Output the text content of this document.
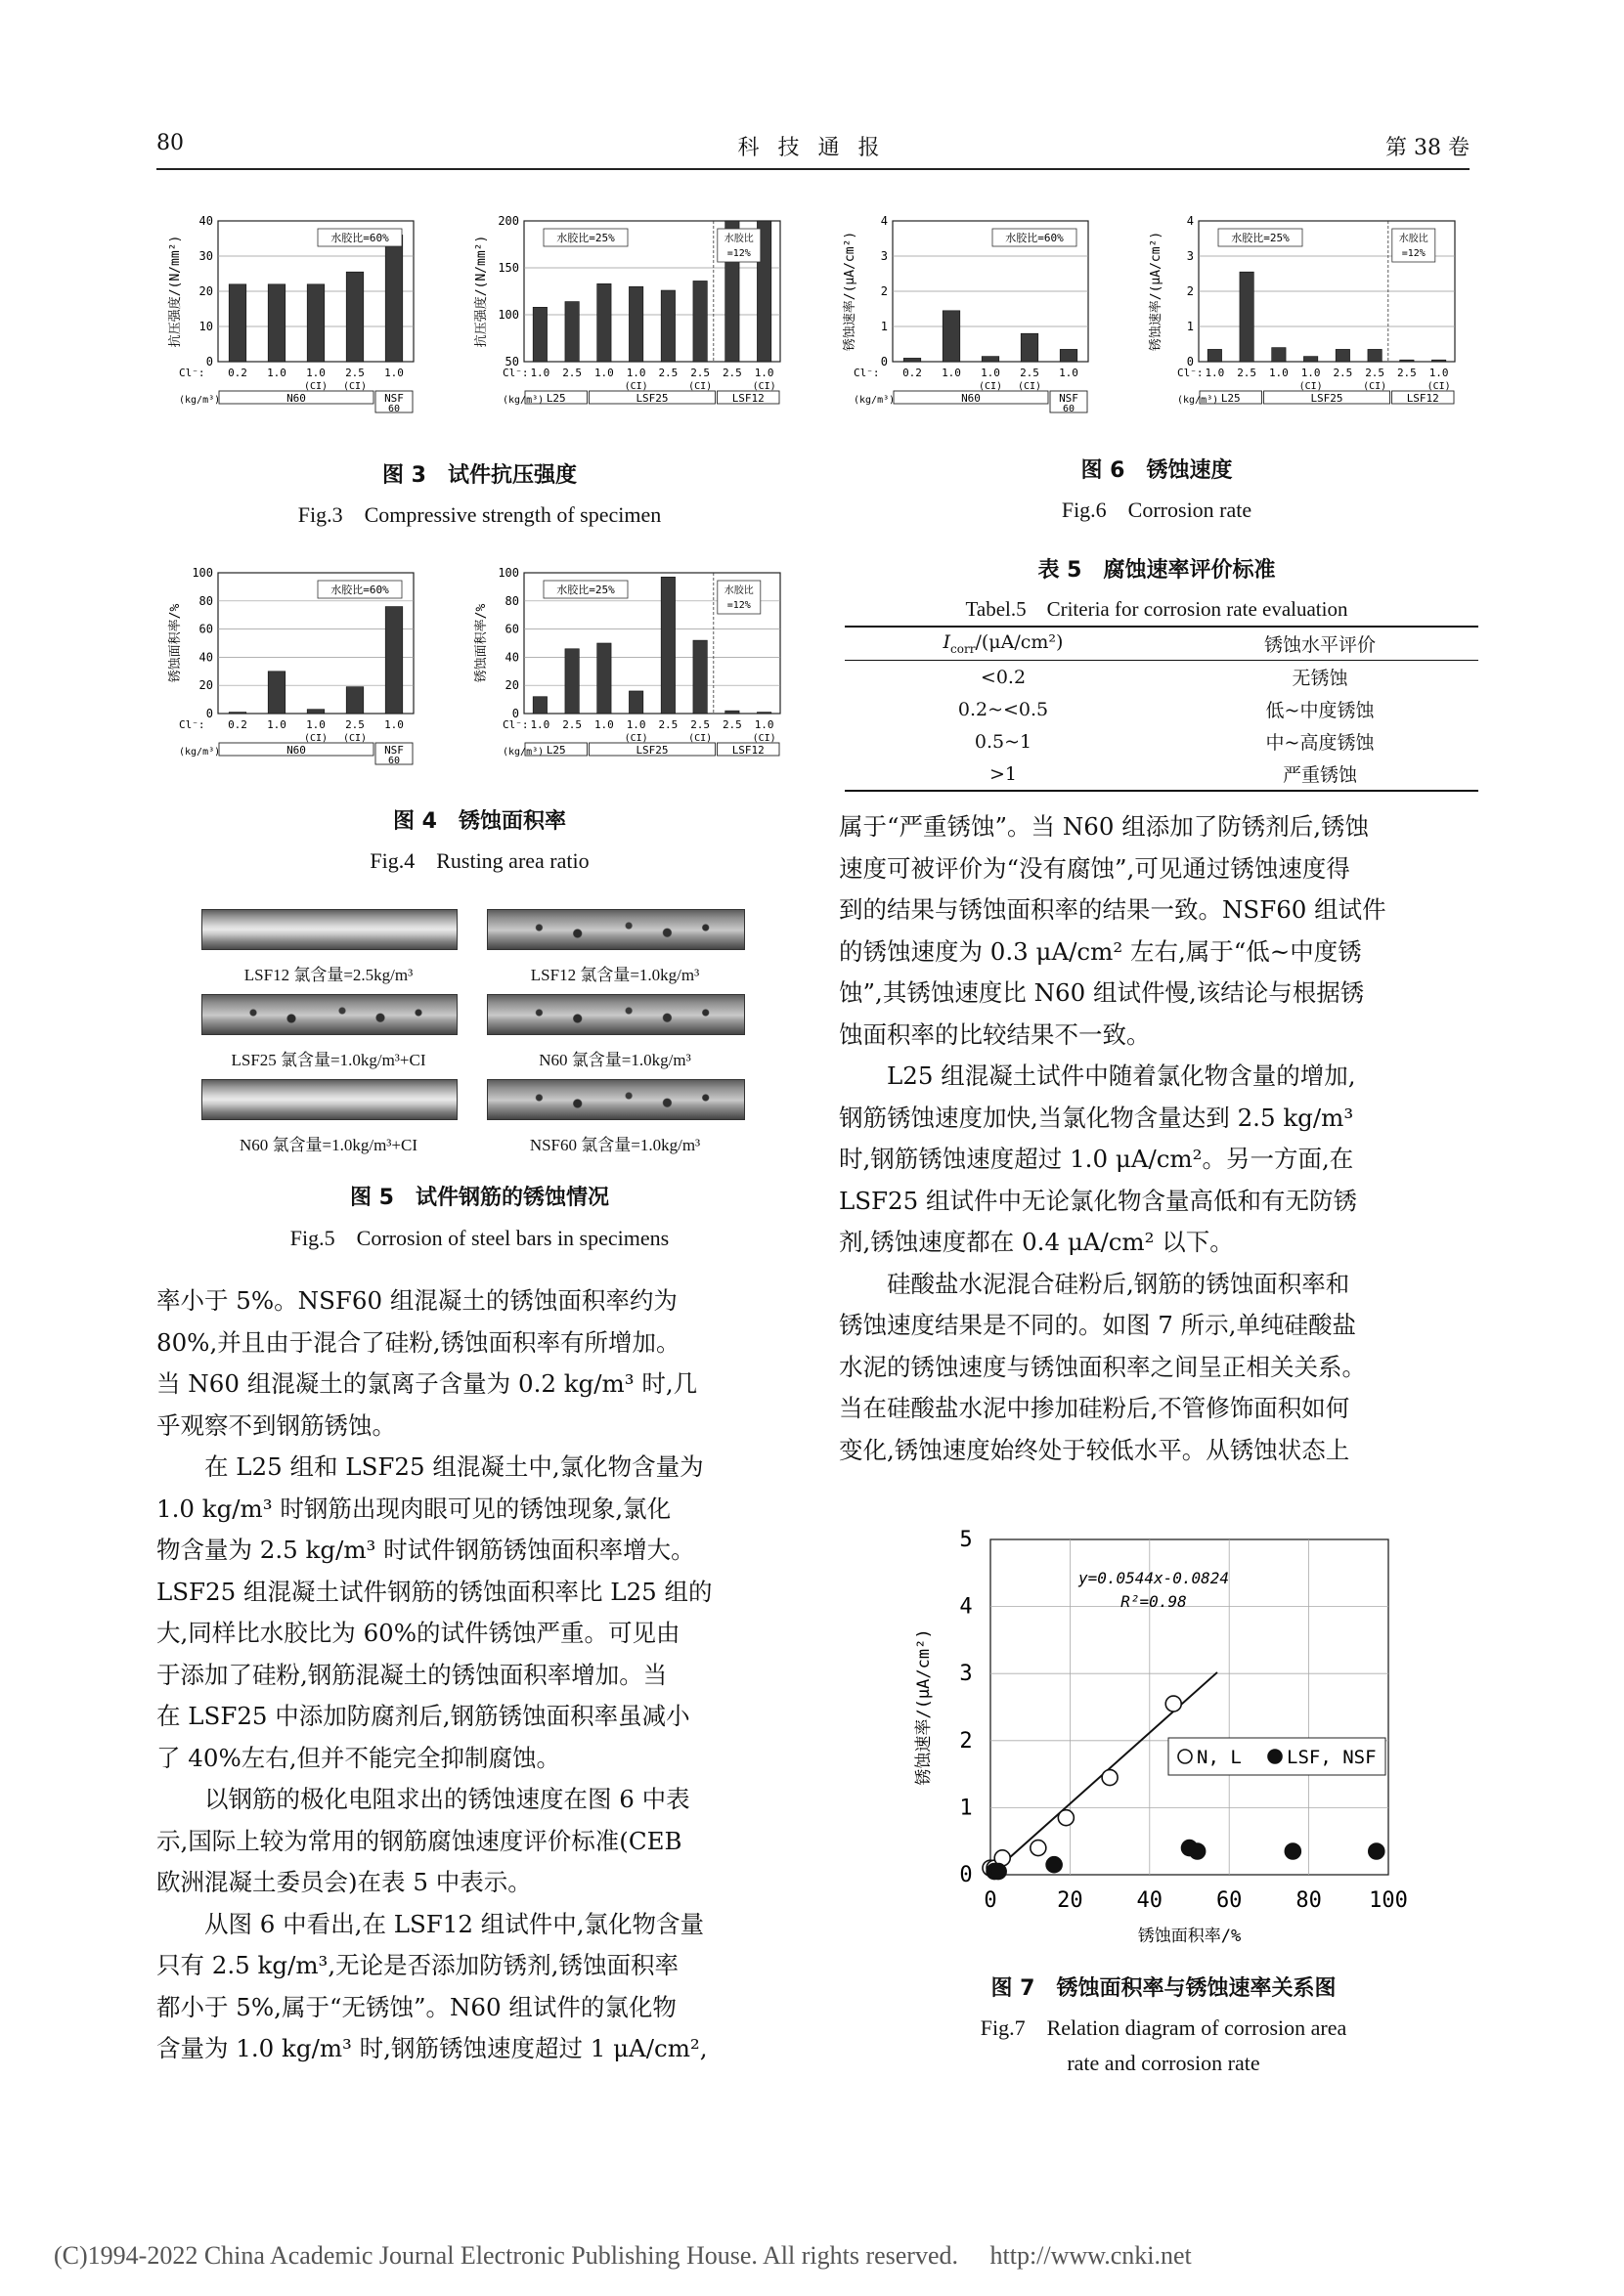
80	科 技 通 报	第 38 卷
抗压强度/(N/mm²)
40
30
20
10
0
水胶比=60%
Cl⁻:
(kg/m³)
0.2 1.0 1.0
(CI)
2.5
(CI)
1.0
N60	NSF
60
抗压强度/(N/mm²)
200
150
100
50
水胶比=25%	水胶比
=12%
Cl⁻:
(kg/m³)
1.0 2.5 1.0 1.0
(CI)
2.5 2.5
(CI)
2.5 1.0
(CI)
L25	LSF25	LSF12
图 3　试件抗压强度
Fig.3　Compressive strength of specimen
锈蚀面积率/%
100
80
60
40
20
0
水胶比=60%
Cl⁻:
(kg/m³)
0.2 1.0 1.0
(CI)
2.5
(CI)
1.0
N60	NSF
60
锈蚀面积率/%
100
80
60
40
20
0
水胶比=25%	水胶比
=12%
Cl⁻:
(kg/m³)
1.0 2.5 1.0 1.0
(CI)
2.5 2.5
(CI)
2.5 1.0
(CI)
L25	LSF25	LSF12
图 4　锈蚀面积率
Fig.4　Rusting area ratio
LSF12 氯含量=2.5kg/m³	LSF12 氯含量=1.0kg/m³
LSF25 氯含量=1.0kg/m³+CI	N60 氯含量=1.0kg/m³
N60 氯含量=1.0kg/m³+CI	NSF60 氯含量=1.0kg/m³
图 5　试件钢筋的锈蚀情况
Fig.5　Corrosion of steel bars in specimens
锈蚀速率/(μA/cm²)
4
3
2
1
0
水胶比=60%
Cl⁻:
(kg/m³)
0.2 1.0 1.0
(CI)
2.5
(CI)
1.0
N60	NSF
60
锈蚀速率/(μA/cm²)
4
3
2
1
0
水胶比=25%	水胶比
=12%
Cl⁻:
(kg/m³)
1.0 2.5 1.0 1.0
(CI)
2.5 2.5
(CI)
2.5 1.0
(CI)
L25	LSF25	LSF12
图 6　锈蚀速度
Fig.6　Corrosion rate
表 5　腐蚀速率评价标准
Tabel.5　Criteria for corrosion rate evaluation
$I_{corr}/(\mu A/cm^2)$	锈蚀水平评价
<0.2	无锈蚀
0.2~<0.5	低~中度锈蚀
0.5~1	中~高度锈蚀
>1	严重锈蚀

率小于 5%。NSF60 组混凝土的锈蚀面积率约为
80%,并且由于混合了硅粉,锈蚀面积率有所增加。
当 N60 组混凝土的氯离子含量为 0.2 kg/m³ 时,几
乎观察不到钢筋锈蚀。

在 L25 组和 LSF25 组混凝土中,氯化物含量为
1.0 kg/m³ 时钢筋出现肉眼可见的锈蚀现象,氯化
物含量为 2.5 kg/m³ 时试件钢筋锈蚀面积率增大。
LSF25 组混凝土试件钢筋的锈蚀面积率比 L25 组的
大,同样比水胶比为 60%的试件锈蚀严重。可见由
于添加了硅粉,钢筋混凝土的锈蚀面积率增加。当
在 LSF25 中添加防腐剂后,钢筋锈蚀面积率虽减小
了 40%左右,但并不能完全抑制腐蚀。

以钢筋的极化电阻求出的锈蚀速度在图 6 中表
示,国际上较为常用的钢筋腐蚀速度评价标准(CEB
欧洲混凝土委员会)在表 5 中表示。

从图 6 中看出,在 LSF12 组试件中,氯化物含量
只有 2.5 kg/m³,无论是否添加防锈剂,锈蚀面积率
都小于 5%,属于“无锈蚀”。N60 组试件的氯化物
含量为 1.0 kg/m³ 时,钢筋锈蚀速度超过 1 μA/cm²,

属于“严重锈蚀”。当 N60 组添加了防锈剂后,锈蚀
速度可被评价为“没有腐蚀”,可见通过锈蚀速度得
到的结果与锈蚀面积率的结果一致。NSF60 组试件
的锈蚀速度为 0.3 μA/cm² 左右,属于“低~中度锈
蚀”,其锈蚀速度比 N60 组试件慢,该结论与根据锈
蚀面积率的比较结果不一致。

L25 组混凝土试件中随着氯化物含量的增加,
钢筋锈蚀速度加快,当氯化物含量达到 2.5 kg/m³
时,钢筋锈蚀速度超过 1.0 μA/cm²。另一方面,在
LSF25 组试件中无论氯化物含量高低和有无防锈
剂,锈蚀速度都在 0.4 μA/cm² 以下。

硅酸盐水泥混合硅粉后,钢筋的锈蚀面积率和
锈蚀速度结果是不同的。如图 7 所示,单纯硅酸盐
水泥的锈蚀速度与锈蚀面积率之间呈正相关关系。
当在硅酸盐水泥中掺加硅粉后,不管修饰面积如何
变化,锈蚀速度始终处于较低水平。从锈蚀状态上

5
4
3
2
1
0
0	20 40 60 80 100
锈蚀面积率/%
锈蚀速率/(μA/cm²)
y=0.0544x-0.0824
R²=0.98
N, L LSF, NSF
图 7　锈蚀面积率与锈蚀速率关系图
Fig.7　Relation diagram of corrosion area
rate and corrosion rate
(C)1994-2022 China Academic Journal Electronic Publishing House. All rights reserved.　 http://www.cnki.net
